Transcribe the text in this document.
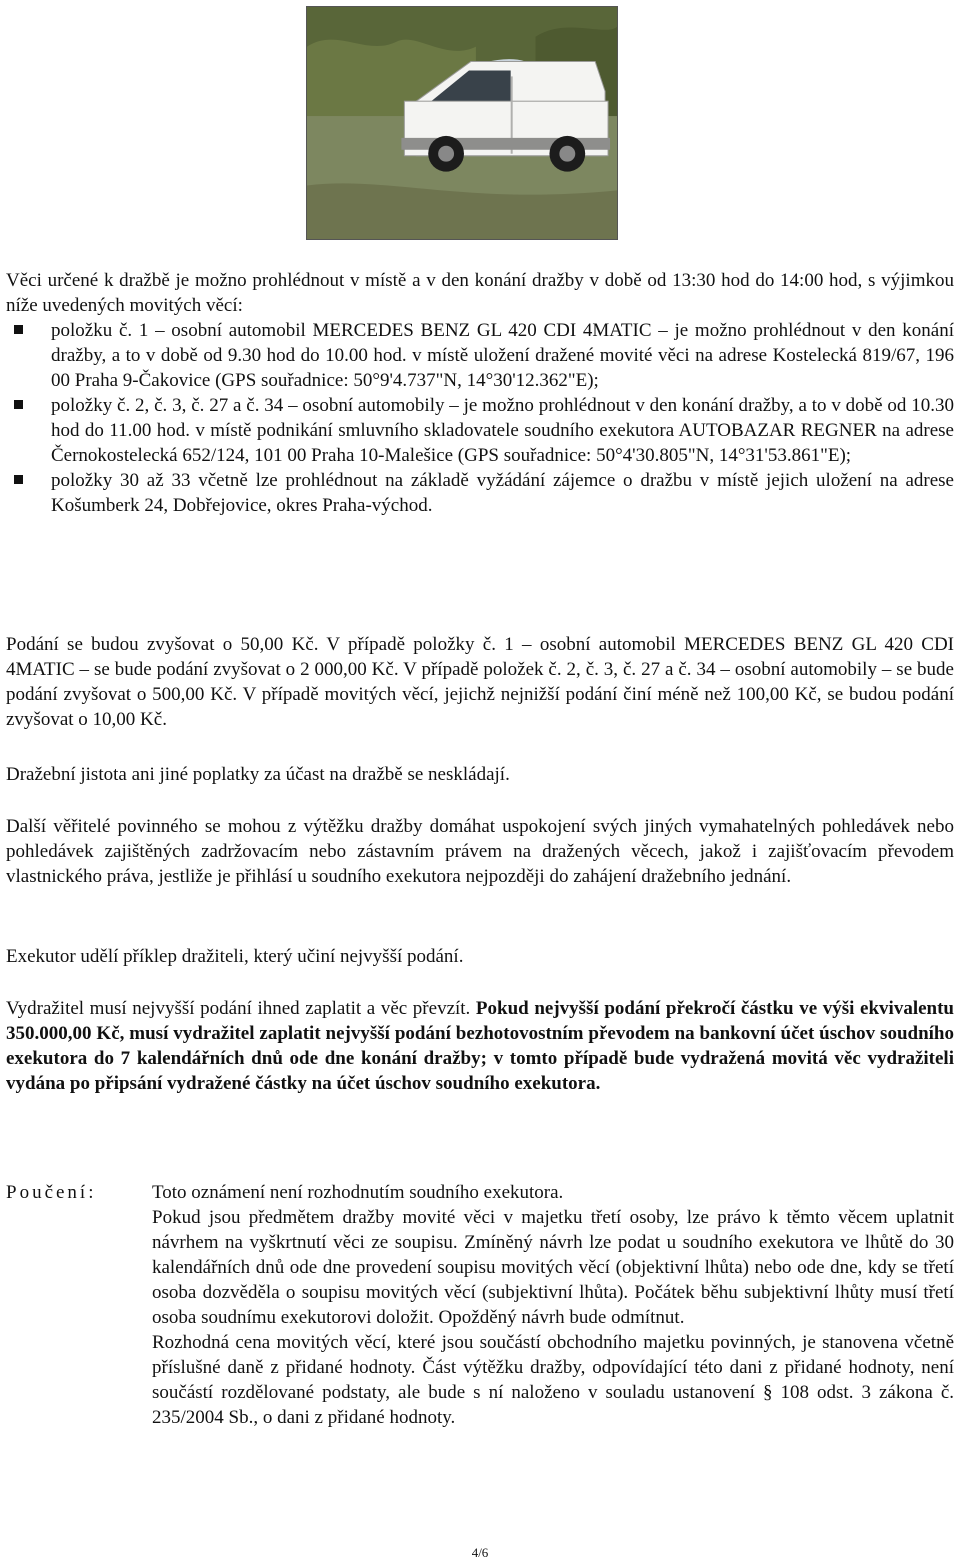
Věci určené k dražbě je možno prohlédnout v místě a v den konání dražby v době od 13:30 hod do 14:00 hod, s výjimkou níže uvedených movitých věcí:

položku č. 1 – osobní automobil MERCEDES BENZ GL 420 CDI 4MATIC – je možno prohlédnout v den konání dražby, a to v době od 9.30 hod do 10.00 hod. v místě uložení dražené movité věci na adrese Kostelecká 819/67, 196 00 Praha 9-Čakovice (GPS souřadnice: 50°9'4.737"N, 14°30'12.362"E);
položky č. 2, č. 3, č. 27 a č. 34 – osobní automobily – je možno prohlédnout v den konání dražby, a to v době od 10.30 hod do 11.00 hod. v místě podnikání smluvního skladovatele soudního exekutora AUTOBAZAR REGNER na adrese Černokostelecká 652/124, 101 00 Praha 10-Malešice (GPS souřadnice: 50°4'30.805"N, 14°31'53.861"E);
položky 30 až 33 včetně lze prohlédnout na základě vyžádání zájemce o dražbu v místě jejich uložení na adrese Košumberk 24, Dobřejovice, okres Praha-východ.

Podání se budou zvyšovat o 50,00 Kč. V případě položky č. 1 – osobní automobil MERCEDES BENZ GL 420 CDI 4MATIC – se bude podání zvyšovat o 2 000,00 Kč. V případě položek č. 2, č. 3, č. 27 a č. 34 – osobní automobily – se bude podání zvyšovat o 500,00 Kč. V případě movitých věcí, jejichž nejnižší podání činí méně než 100,00 Kč, se budou podání zvyšovat o 10,00 Kč.

Dražební jistota ani jiné poplatky za účast na dražbě se neskládají.

Další věřitelé povinného se mohou z výtěžku dražby domáhat uspokojení svých jiných vymahatelných pohledávek nebo pohledávek zajištěných zadržovacím nebo zástavním právem na dražených věcech, jakož i zajišťovacím převodem vlastnického práva, jestliže je přihlásí u soudního exekutora nejpozději do zahájení dražebního jednání.

Exekutor udělí příklep dražiteli, který učiní nejvyšší podání.

Vydražitel musí nejvyšší podání ihned zaplatit a věc převzít. Pokud nejvyšší podání překročí částku ve výši ekvivalentu 350.000,00 Kč, musí vydražitel zaplatit nejvyšší podání bezhotovostním převodem na bankovní účet úschov soudního exekutora do 7 kalendářních dnů ode dne konání dražby; v tomto případě bude vydražená movitá věc vydražiteli vydána po připsání vydražené částky na účet úschov soudního exekutora.

Poučení:	Toto oznámení není rozhodnutím soudního exekutora.

Pokud jsou předmětem dražby movité věci v majetku třetí osoby, lze právo k těmto věcem uplatnit návrhem na vyškrtnutí věci ze soupisu. Zmíněný návrh lze podat u soudního exekutora ve lhůtě do 30 kalendářních dnů ode dne provedení soupisu movitých věcí (objektivní lhůta) nebo ode dne, kdy se třetí osoba dozvěděla o soupisu movitých věcí (subjektivní lhůta). Počátek běhu subjektivní lhůty musí třetí osoba soudnímu exekutorovi doložit. Opožděný návrh bude odmítnut.

Rozhodná cena movitých věcí, které jsou součástí obchodního majetku povinných, je stanovena včetně příslušné daně z přidané hodnoty. Část výtěžku dražby, odpovídající této dani z přidané hodnoty, není součástí rozdělované podstaty, ale bude s ní naloženo v souladu ustanovení § 108 odst. 3 zákona č. 235/2004 Sb., o dani z přidané hodnoty.

4/6
